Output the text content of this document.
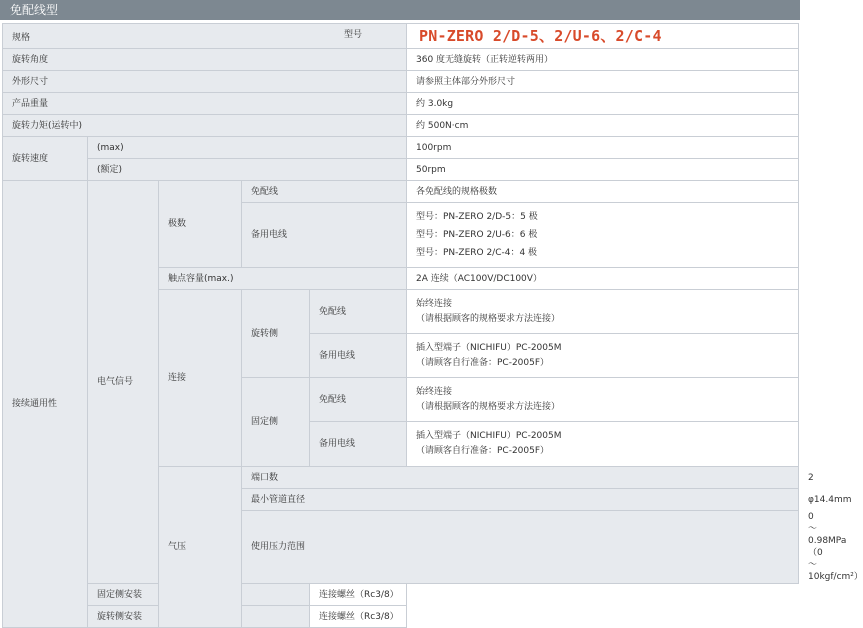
免配线型
规格 型号					PN-ZERO 2/D-5、2/U-6、2/C-4	
旋转角度					360 度无缝旋转（正转逆转两用）	
外形尺寸					请参照主体部分外形尺寸	
产品重量					约 3.0kg	
旋转力矩(运转中)					约 500N·cm	
旋转速度	(max)				100rpm	
	(额定)				50rpm	
接续通用性	电气信号	极数	免配线		各免配线的规格极数	
			备用电线		型号：PN-ZERO 2/D-5：5 极
型号：PN-ZERO 2/U-6：6 极
型号：PN-ZERO 2/C-4：4 极	

		触点容量(max.)			2A 连续（AC100V/DC100V）	
		连接	旋转侧	免配线	始终连接
（请根据顾客的规格要求方法连接）	

				备用电线	插入型端子（NICHIFU）PC-2005M
（请顾客自行准备：PC-2005F）	

			固定侧	免配线	始终连接
（请根据顾客的规格要求方法连接）	

				备用电线	插入型端子（NICHIFU）PC-2005M
（请顾客自行准备：PC-2005F）	

		气压	端口数			2
			最小管道直径			φ14.4mm
			使用压力范围			0 ～ 0.98MPa（0 ～ 10kgf/cm²）
	固定侧安装			连接螺丝（Rc3/8）		
	旋转侧安装			连接螺丝（Rc3/8）		
